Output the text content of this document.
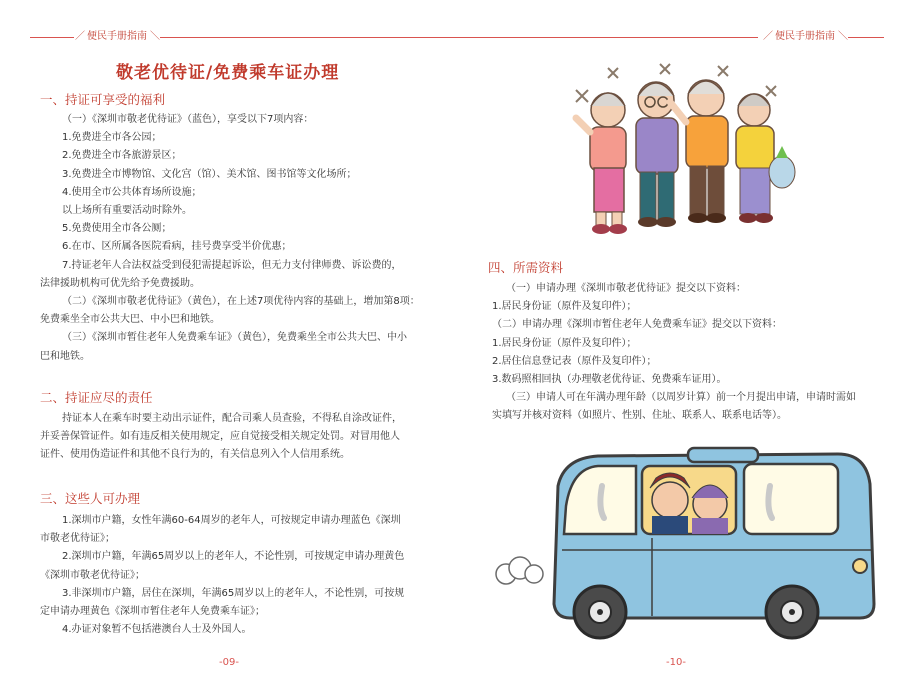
／ 便民手册指南 ＼
敬老优待证/免费乘车证办理
一、持证可享受的福利

（一）《深圳市敬老优待证》（蓝色），享受以下7项内容：

1.免费进全市各公园；

2.免费进全市各旅游景区；

3.免费进全市博物馆、文化宫（馆）、美术馆、图书馆等文化场所；

4.使用全市公共体育场所设施；

以上场所有重要活动时除外。

5.免费使用全市各公厕；

6.在市、区所属各医院看病，挂号费享受半价优惠；

7.持证老年人合法权益受到侵犯需提起诉讼，但无力支付律师费、诉讼费的，

法律援助机构可优先给予免费援助。

（二）《深圳市敬老优待证》（黄色），在上述7项优待内容的基础上，增加第8项：

免费乘坐全市公共大巴、中小巴和地铁。

（三）《深圳市暂住老年人免费乘车证》（黄色），免费乘坐全市公共大巴、中小

巴和地铁。

二、持证应尽的责任

持证本人在乘车时要主动出示证件，配合司乘人员查验，不得私自涂改证件，

并妥善保管证件。如有违反相关使用规定，应自觉接受相关规定处罚。对冒用他人

证件、使用伪造证件和其他不良行为的，有关信息列入个人信用系统。

三、这些人可办理

1.深圳市户籍，女性年满60-64周岁的老年人，可按规定申请办理蓝色《深圳

市敬老优待证》；

2.深圳市户籍，年满65周岁以上的老年人，不论性别，可按规定申请办理黄色

《深圳市敬老优待证》；

3.非深圳市户籍，居住在深圳，年满65周岁以上的老年人，不论性别，可按规

定申请办理黄色《深圳市暂住老年人免费乘车证》；

4.办证对象暂不包括港澳台人士及外国人。

-09-
／ 便民手册指南 ＼
四、所需资料

（一）申请办理《深圳市敬老优待证》提交以下资料：

1.居民身份证（原件及复印件）；

（二）申请办理《深圳市暂住老年人免费乘车证》提交以下资料：

1.居民身份证（原件及复印件）；

2.居住信息登记表（原件及复印件）；

3.数码照相回执（办理敬老优待证、免费乘车证用）。

（三）申请人可在年满办理年龄（以周岁计算）前一个月提出申请，申请时需如

实填写并核对资料（如照片、性别、住址、联系人、联系电话等）。

-10-
